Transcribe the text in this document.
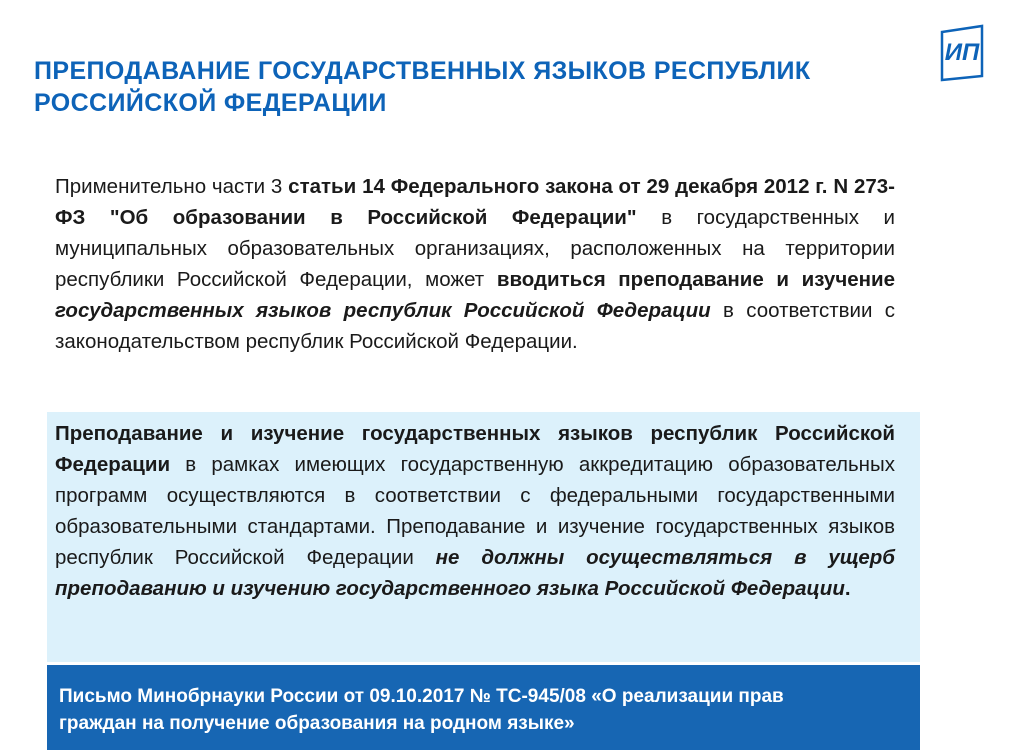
ПРЕПОДАВАНИЕ ГОСУДАРСТВЕННЫХ ЯЗЫКОВ РЕСПУБЛИК
РОССИЙСКОЙ ФЕДЕРАЦИИ
ИП

Применительно части 3 статьи 14 Федерального закона от 29 декабря 2012 г. N 273-ФЗ "Об образовании в Российской Федерации" в государственных и муниципальных образовательных организациях, расположенных на территории республики Российской Федерации, может вводиться преподавание и изучение государственных языков республик Российской Федерации в соответствии с законодательством республик Российской Федерации.

Преподавание и изучение государственных языков республик Российской Федерации в рамках имеющих государственную аккредитацию образовательных программ осуществляются в соответствии с федеральными государственными образовательными стандартами. Преподавание и изучение государственных языков республик Российской Федерации не должны осуществляться в ущерб преподаванию и изучению государственного языка Российской Федерации.

Письмо Минобрнауки России от 09.10.2017 № ТС-945/08 «О реализации прав
граждан на получение образования на родном языке»
